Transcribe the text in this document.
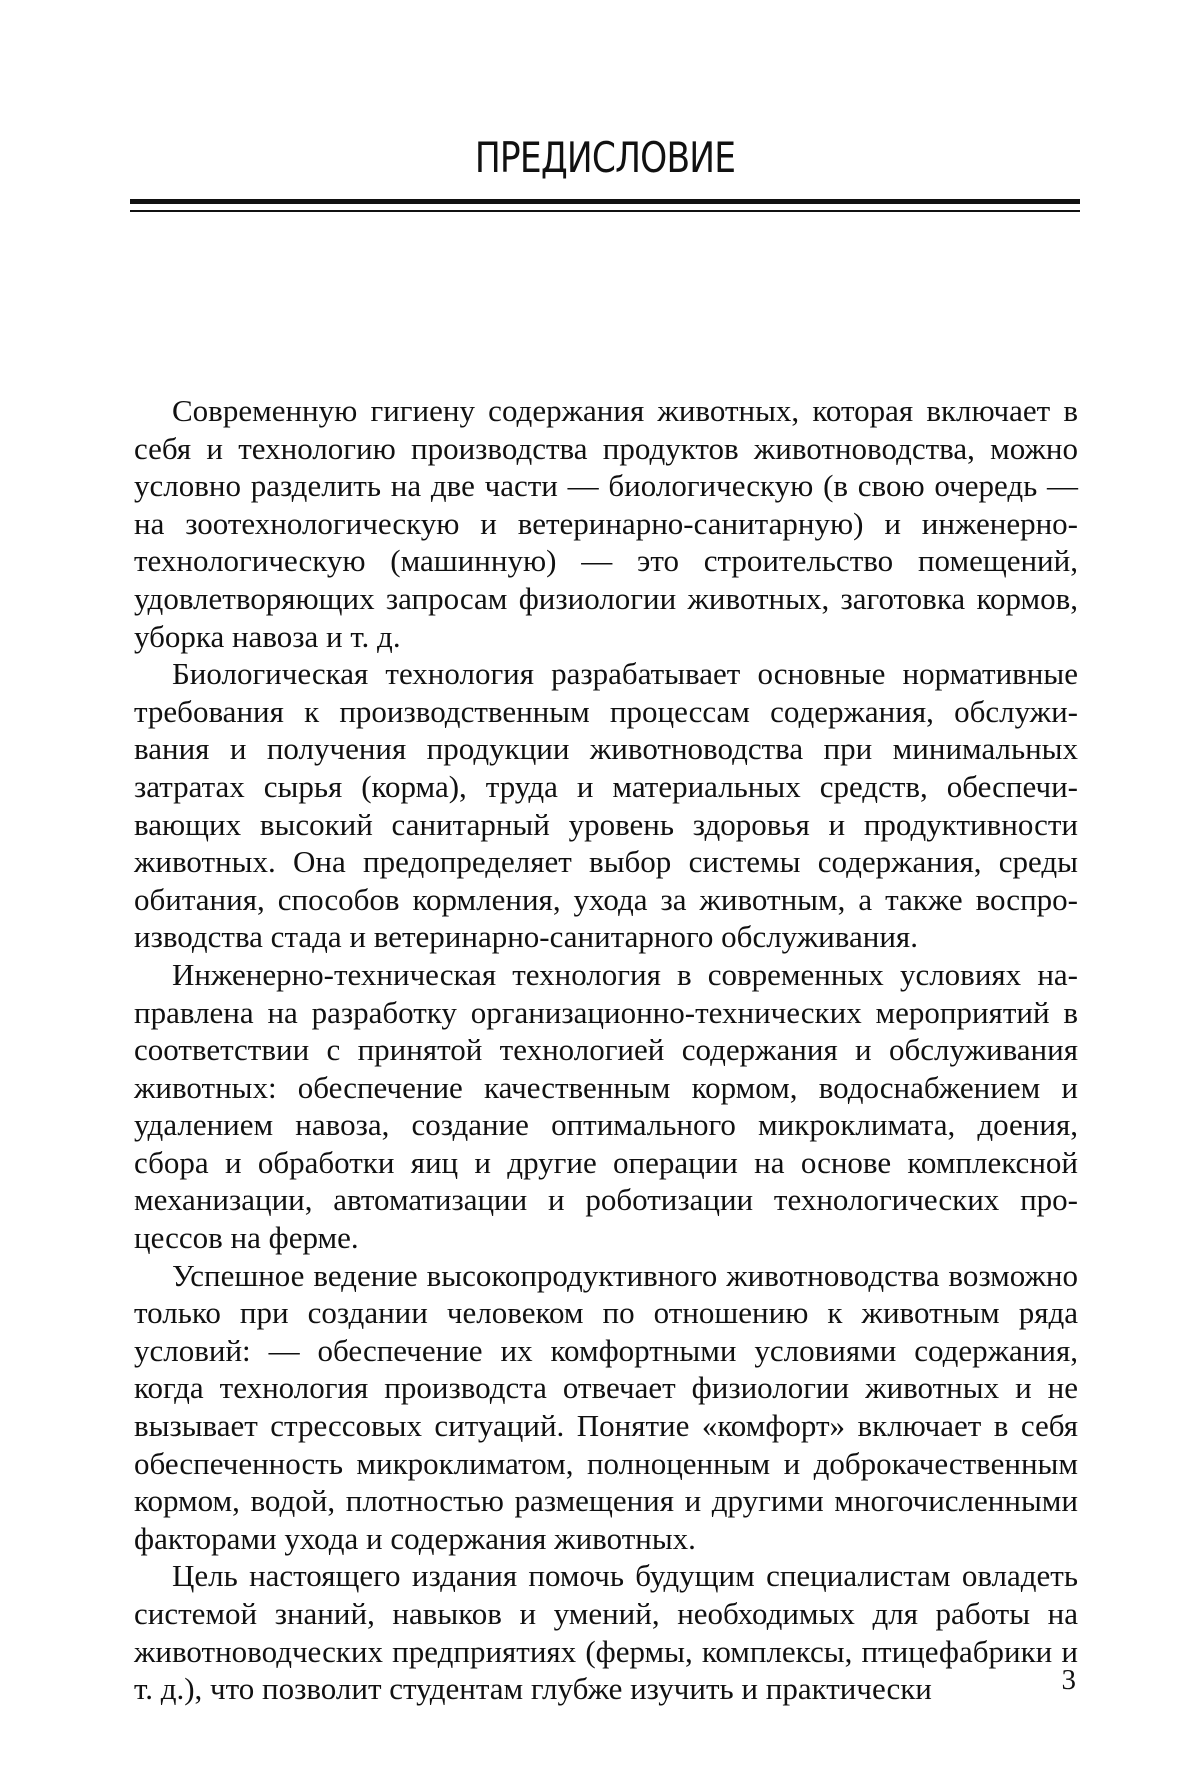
ПРЕДИСЛОВИЕ

Современную гигиену содержания животных, которая включает в себя и технологию производства продуктов животноводства, можно условно разделить на две части — биологическую (в свою очередь — на зоотехнологическую и ветеринарно-санитарную) и инженерно-технологическую (машинную) — это строительство помещений, удовлетворяющих запросам физиологии животных, заготовка кормов, уборка навоза и т. д.

Биологическая технология разрабатывает основные нормативные требования к производственным процессам содержания, обслуживания и получения продукции животноводства при минимальных затратах сырья (корма), труда и материальных средств, обеспечивающих высокий санитарный уровень здоровья и продуктивности животных. Она предопределяет выбор системы содержания, среды обитания, способов кормления, ухода за животным, а также воспроизводства стада и ветеринарно-санитарного обслуживания.

Инженерно-техническая технология в современных условиях направлена на разработку организационно-технических мероприятий в соответствии с принятой технологией содержания и обслуживания животных: обеспечение качественным кормом, водоснабжением и удалением навоза, создание оптимального микроклимата, доения, сбора и обработки яиц и другие операции на основе комплексной механизации, автоматизации и роботизации технологических процессов на ферме.

Успешное ведение высокопродуктивного животноводства возможно только при создании человеком по отношению к животным ряда условий: — обеспечение их комфортными условиями содержания, когда технология производста отвечает физиологии животных и не вызывает стрессовых ситуаций. Понятие «комфорт» включает в себя обеспеченность микроклиматом, полноценным и доброкачественным кормом, водой, плотностью размещения и другими многочисленными факторами ухода и содержания животных.

Цель настоящего издания помочь будущим специалистам овладеть системой знаний, навыков и умений, необходимых для работы на животноводческих предприятиях (фермы, комплексы, птицефабрики и т. д.), что позволит студентам глубже изучить и практически	3
